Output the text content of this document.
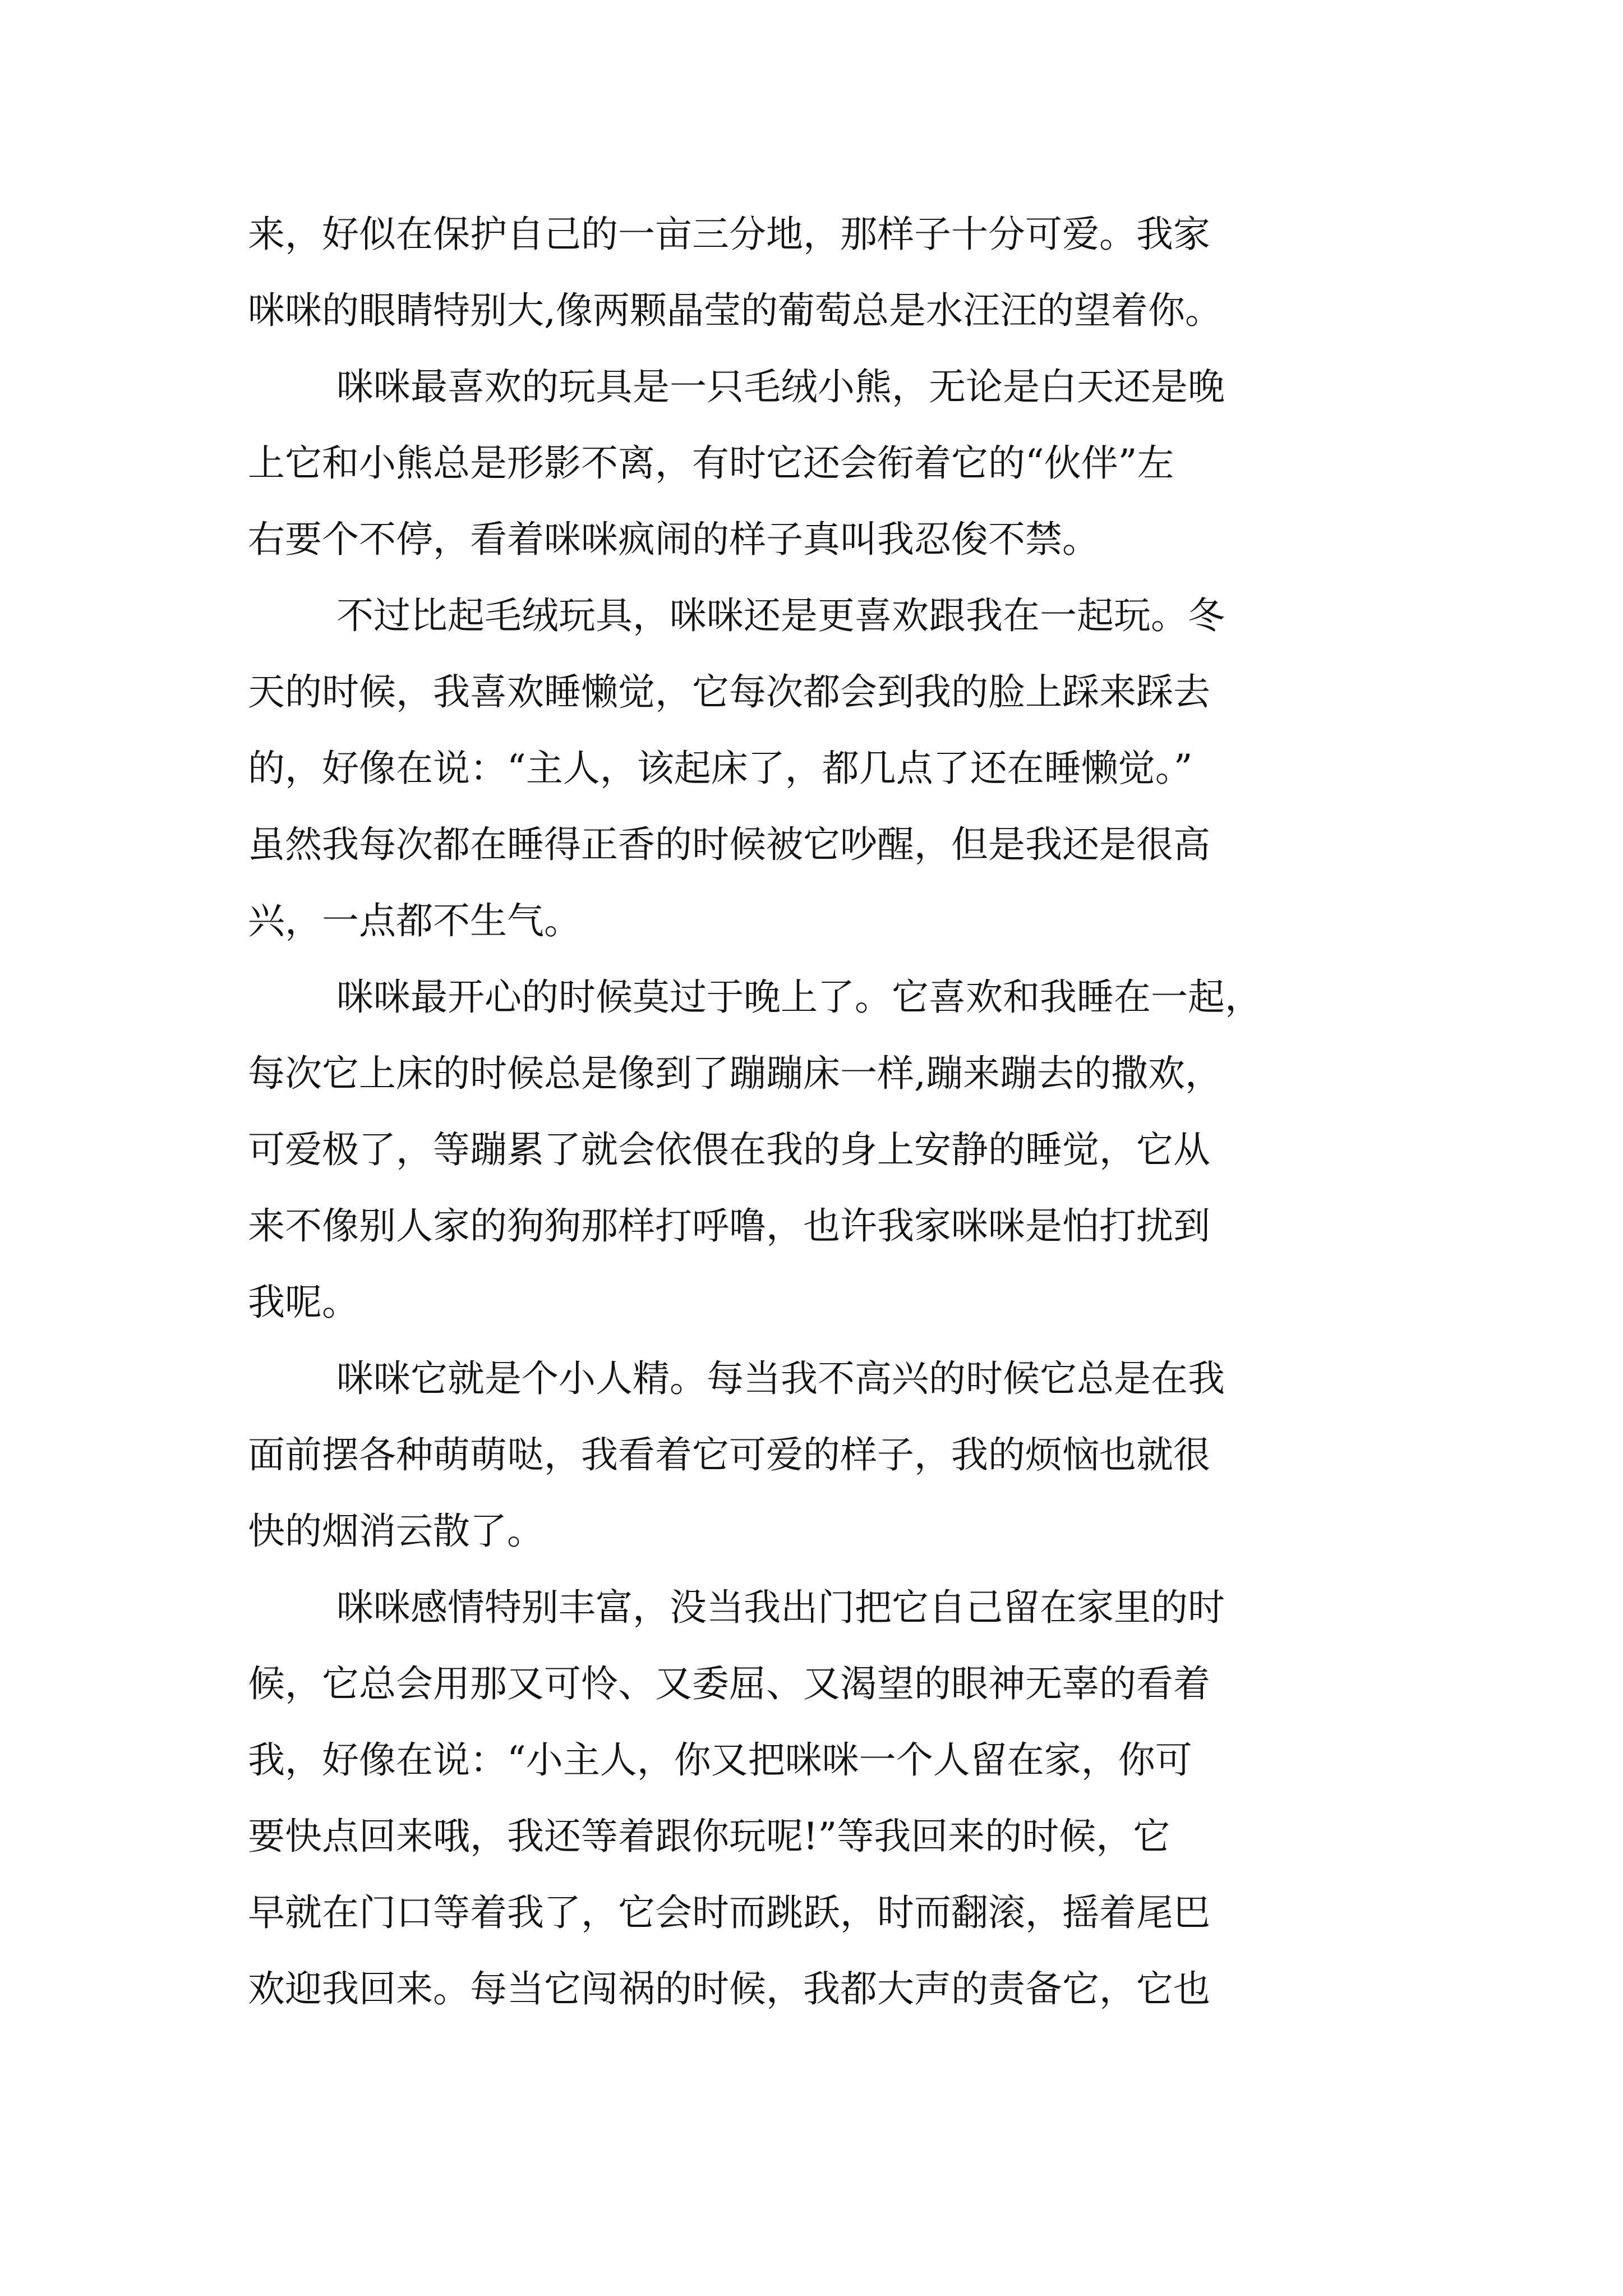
来，好似在保护自己的一亩三分地，那样子十分可爱。我家
咪咪的眼睛特别大,像两颗晶莹的葡萄总是水汪汪的望着你。
咪咪最喜欢的玩具是一只毛绒小熊，无论是白天还是晚
上它和小熊总是形影不离，有时它还会衔着它的“伙伴”左
右要个不停，看着咪咪疯闹的样子真叫我忍俊不禁。
不过比起毛绒玩具，咪咪还是更喜欢跟我在一起玩。冬
天的时候，我喜欢睡懒觉，它每次都会到我的脸上踩来踩去
的，好像在说：“主人，该起床了，都几点了还在睡懒觉。”
虽然我每次都在睡得正香的时候被它吵醒，但是我还是很高
兴，一点都不生气。
咪咪最开心的时候莫过于晚上了。它喜欢和我睡在一起，
每次它上床的时候总是像到了蹦蹦床一样,蹦来蹦去的撒欢，
可爱极了，等蹦累了就会依偎在我的身上安静的睡觉，它从
来不像别人家的狗狗那样打呼噜，也许我家咪咪是怕打扰到
我呢。
咪咪它就是个小人精。每当我不高兴的时候它总是在我
面前摆各种萌萌哒，我看着它可爱的样子，我的烦恼也就很
快的烟消云散了。
咪咪感情特别丰富，没当我出门把它自己留在家里的时
候，它总会用那又可怜、又委屈、又渴望的眼神无辜的看着
我，好像在说：“小主人，你又把咪咪一个人留在家，你可
要快点回来哦，我还等着跟你玩呢!”等我回来的时候，它
早就在门口等着我了，它会时而跳跃，时而翻滚，摇着尾巴
欢迎我回来。每当它闯祸的时候，我都大声的责备它，它也
